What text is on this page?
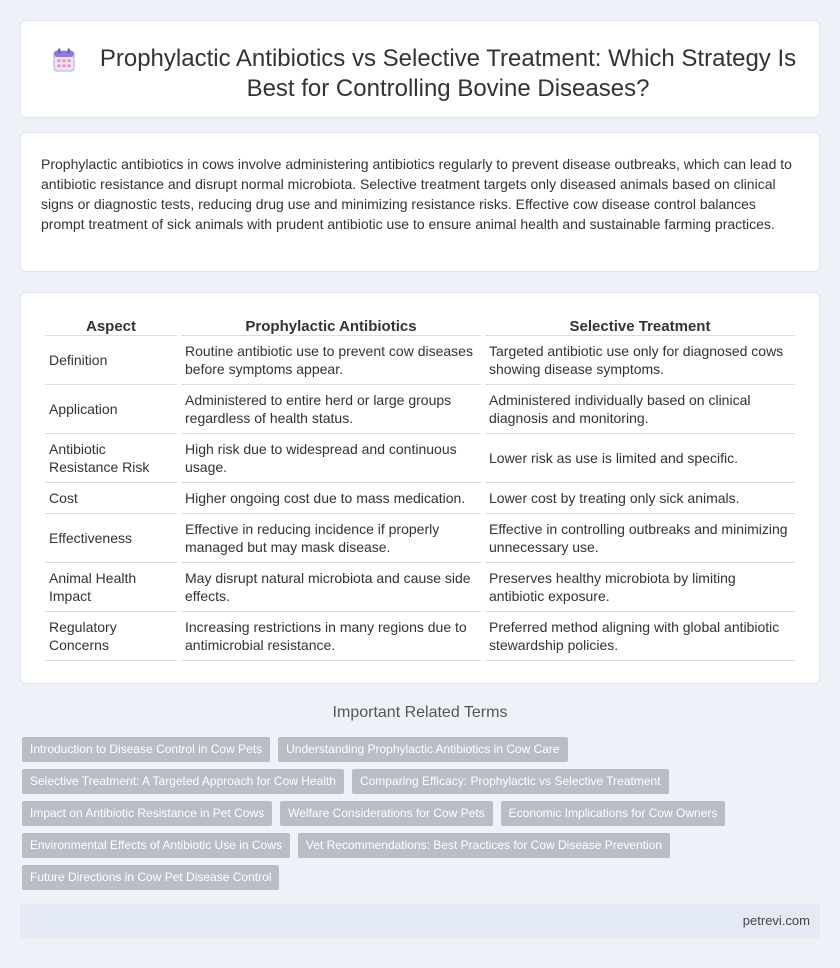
Prophylactic Antibiotics vs Selective Treatment: Which Strategy Is Best for Controlling Bovine Diseases?

Prophylactic antibiotics in cows involve administering antibiotics regularly to prevent disease outbreaks, which can lead to antibiotic resistance and disrupt normal microbiota. Selective treatment targets only diseased animals based on clinical signs or diagnostic tests, reducing drug use and minimizing resistance risks. Effective cow disease control balances prompt treatment of sick animals with prudent antibiotic use to ensure animal health and sustainable farming practices.

Aspect	Prophylactic Antibiotics	Selective Treatment
Definition	Routine antibiotic use to prevent cow diseases before symptoms appear.	Targeted antibiotic use only for diagnosed cows showing disease symptoms.
Application	Administered to entire herd or large groups regardless of health status.	Administered individually based on clinical diagnosis and monitoring.
Antibiotic Resistance Risk	High risk due to widespread and continuous usage.	Lower risk as use is limited and specific.
Cost	Higher ongoing cost due to mass medication.	Lower cost by treating only sick animals.
Effectiveness	Effective in reducing incidence if properly managed but may mask disease.	Effective in controlling outbreaks and minimizing unnecessary use.
Animal Health Impact	May disrupt natural microbiota and cause side effects.	Preserves healthy microbiota by limiting antibiotic exposure.
Regulatory Concerns	Increasing restrictions in many regions due to antimicrobial resistance.	Preferred method aligning with global antibiotic stewardship policies.
Important Related Terms
Introduction to Disease Control in Cow Pets	Understanding Prophylactic Antibiotics in Cow Care
Selective Treatment: A Targeted Approach for Cow Health	Comparing Efficacy: Prophylactic vs Selective Treatment
Impact on Antibiotic Resistance in Pet Cows	Welfare Considerations for Cow Pets	Economic Implications for Cow Owners
Environmental Effects of Antibiotic Use in Cows	Vet Recommendations: Best Practices for Cow Disease Prevention
Future Directions in Cow Pet Disease Control
petrevi.com
